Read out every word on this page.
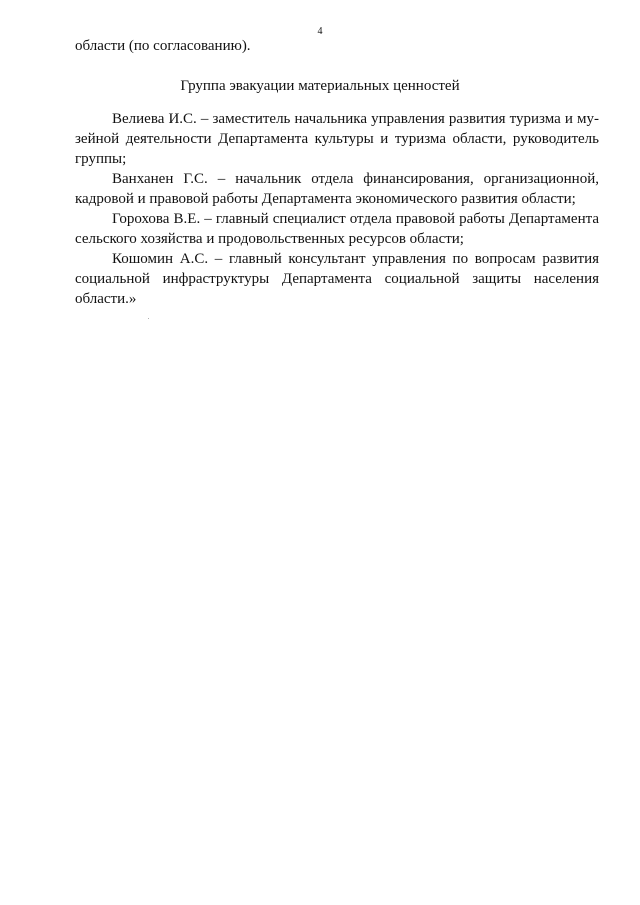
4
области (по согласованию).
Группа эвакуации материальных ценностей

Велиева И.С. – заместитель начальника управления развития туризма и музейной деятельности Департамента культуры и туризма области, руководитель группы;

Ванханен Г.С. – начальник отдела финансирования, организационной, кадровой и правовой работы Департамента экономического развития области;

Горохова В.Е. – главный специалист отдела правовой работы Департамента сельского хозяйства и продовольственных ресурсов области;

Кошомин А.С. – главный консультант управления по вопросам развития социальной инфраструктуры Департамента социальной защиты населения области.»
